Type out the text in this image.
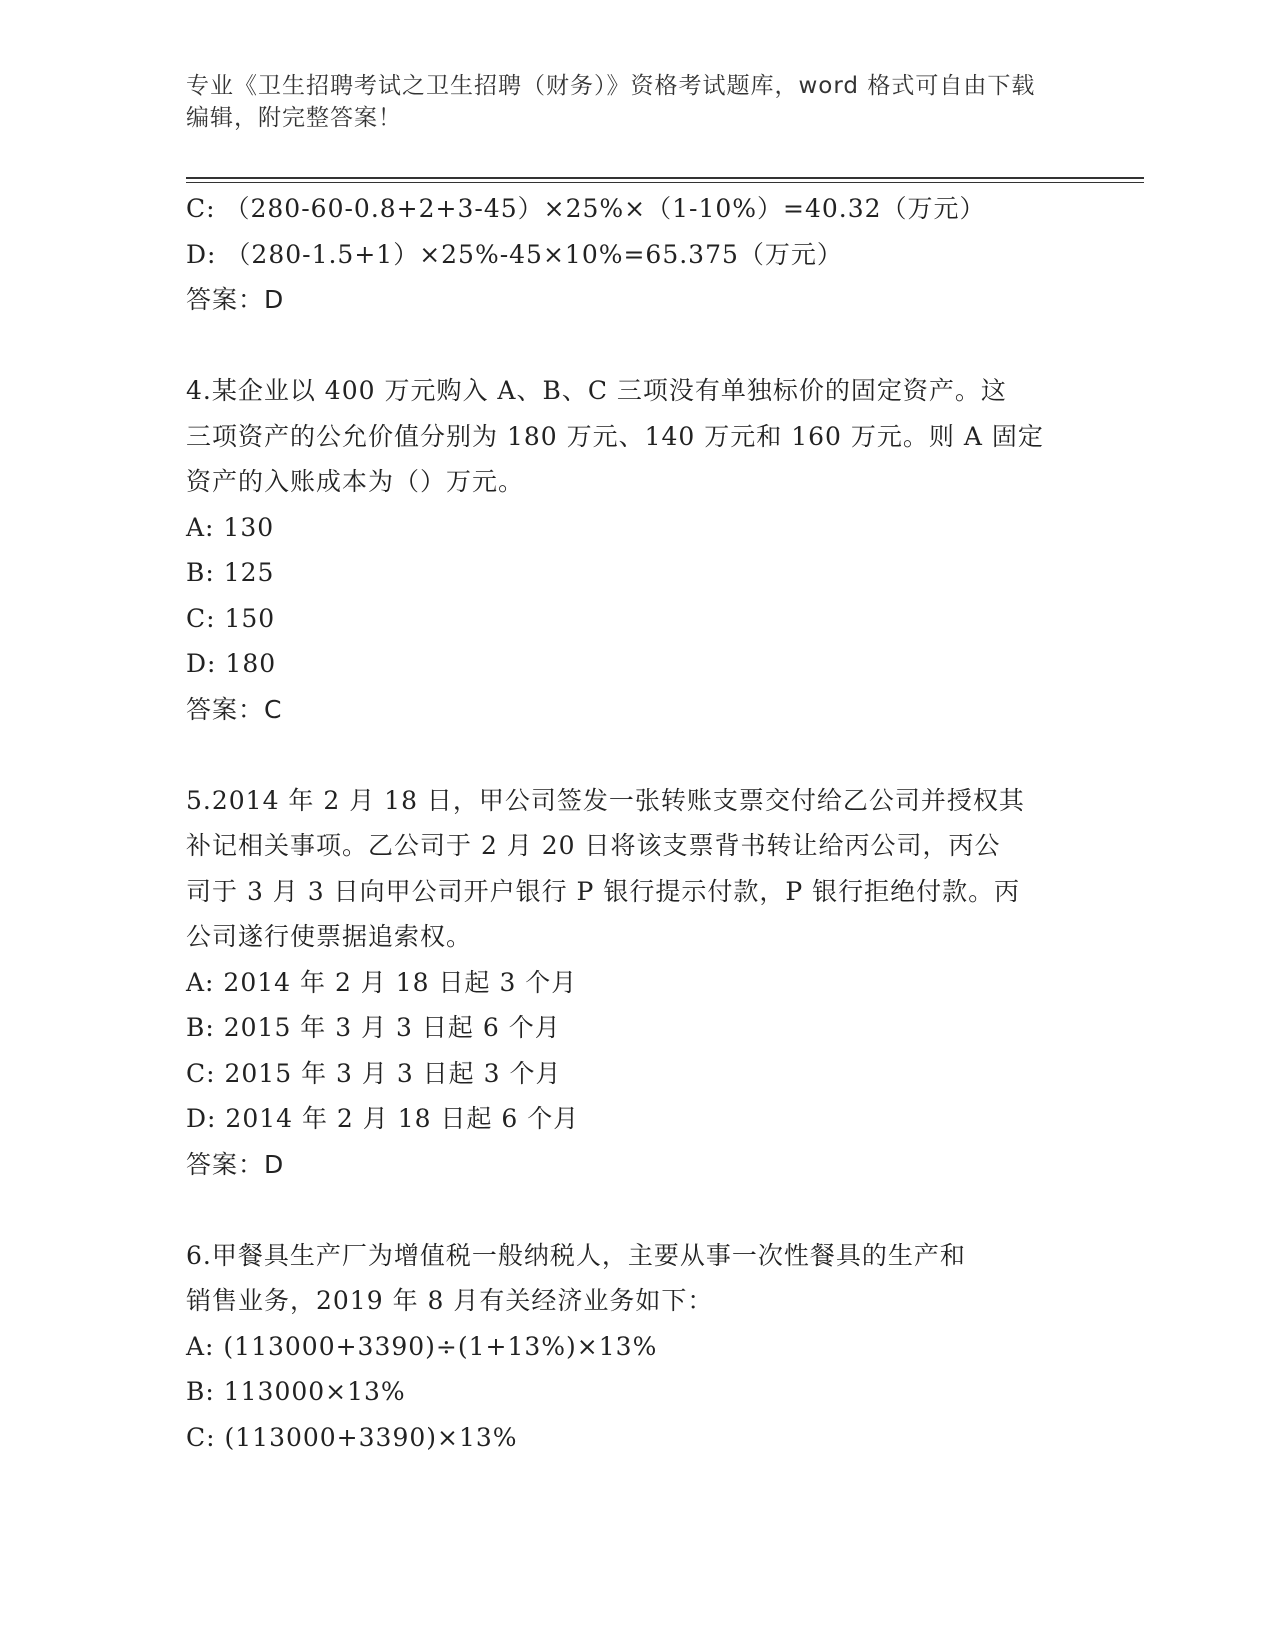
专业《卫生招聘考试之卫生招聘（财务）》资格考试题库，word 格式可自由下载
编辑，附完整答案！
C: （280-60-0.8+2+3-45）×25%×（1-10%）=40.32（万元）
D: （280-1.5+1）×25%-45×10%=65.375（万元）
答案：D
4.某企业以 400 万元购入 A、B、C 三项没有单独标价的固定资产。这
三项资产的公允价值分别为 180 万元、140 万元和 160 万元。则 A 固定
资产的入账成本为（）万元。
A: 130
B: 125
C: 150
D: 180
答案：C
5.2014 年 2 月 18 日，甲公司签发一张转账支票交付给乙公司并授权其
补记相关事项。乙公司于 2 月 20 日将该支票背书转让给丙公司，丙公
司于 3 月 3 日向甲公司开户银行 P 银行提示付款，P 银行拒绝付款。丙
公司遂行使票据追索权。
A: 2014 年 2 月 18 日起 3 个月
B: 2015 年 3 月 3 日起 6 个月
C: 2015 年 3 月 3 日起 3 个月
D: 2014 年 2 月 18 日起 6 个月
答案：D
6.甲餐具生产厂为增值税一般纳税人，主要从事一次性餐具的生产和
销售业务，2019 年 8 月有关经济业务如下：
A: (113000+3390)÷(1+13%)×13%
B: 113000×13%
C: (113000+3390)×13%
